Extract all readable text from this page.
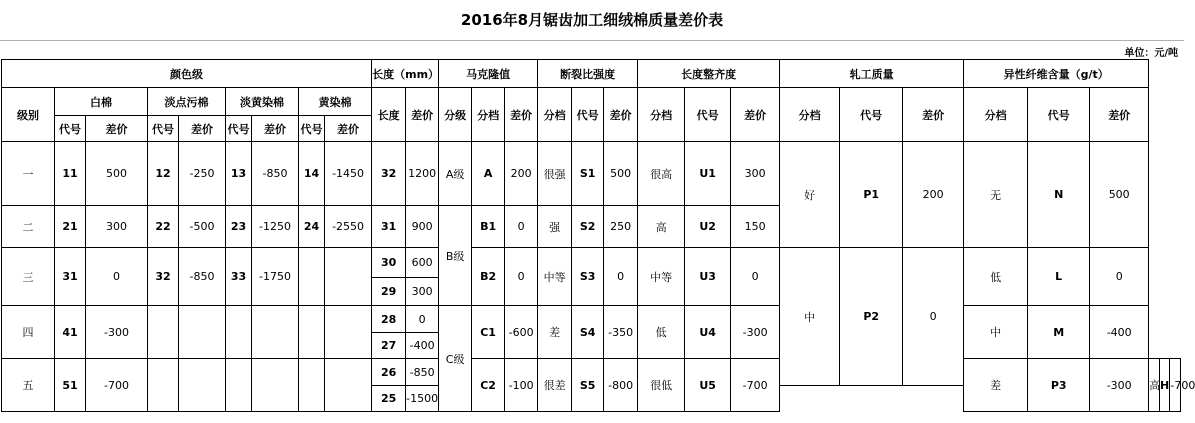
2016年8月锯齿加工细绒棉质量差价表
单位：元/吨
颜色级									长度（mm）		马克隆值			断裂比强度			长度整齐度			轧工质量			异性纤维含量（g/t）					
级别	白棉		淡点污棉		淡黄染棉		黄染棉		长度	差价	分级	分档	差价	分档	代号	差价	分档	代号	差价	分档	代号	差价	分档	代号	差价			
	代号	差价	代号	差价	代号	差价	代号	差价																				
一	11	500	12	-250	13	-850	14	-1450	32	1200	A级	A	200	很强	S1	500	很高	U1	300	好	P1	200	无	N	500			
二	21	300	22	-500	23	-1250	24	-2550	31	900	B级	B1	0	强	S2	250	高	U2	150									
三	31	0	32	-850	33	-1750			30	600		B2	0	中等	S3	0	中等	U3	0	中	P2	0	低	L	0			
									29	300																		
四	41	-300							28	0	C级	C1	-600	差	S4	-350	低	U4	-300				中	M	-400			
									27	-400																		
五	51	-700							26	-850		C2	-100	很差	S5	-800	很低	U5	-700				差	P3	-300	高	H	-700
									25	-1500																		
